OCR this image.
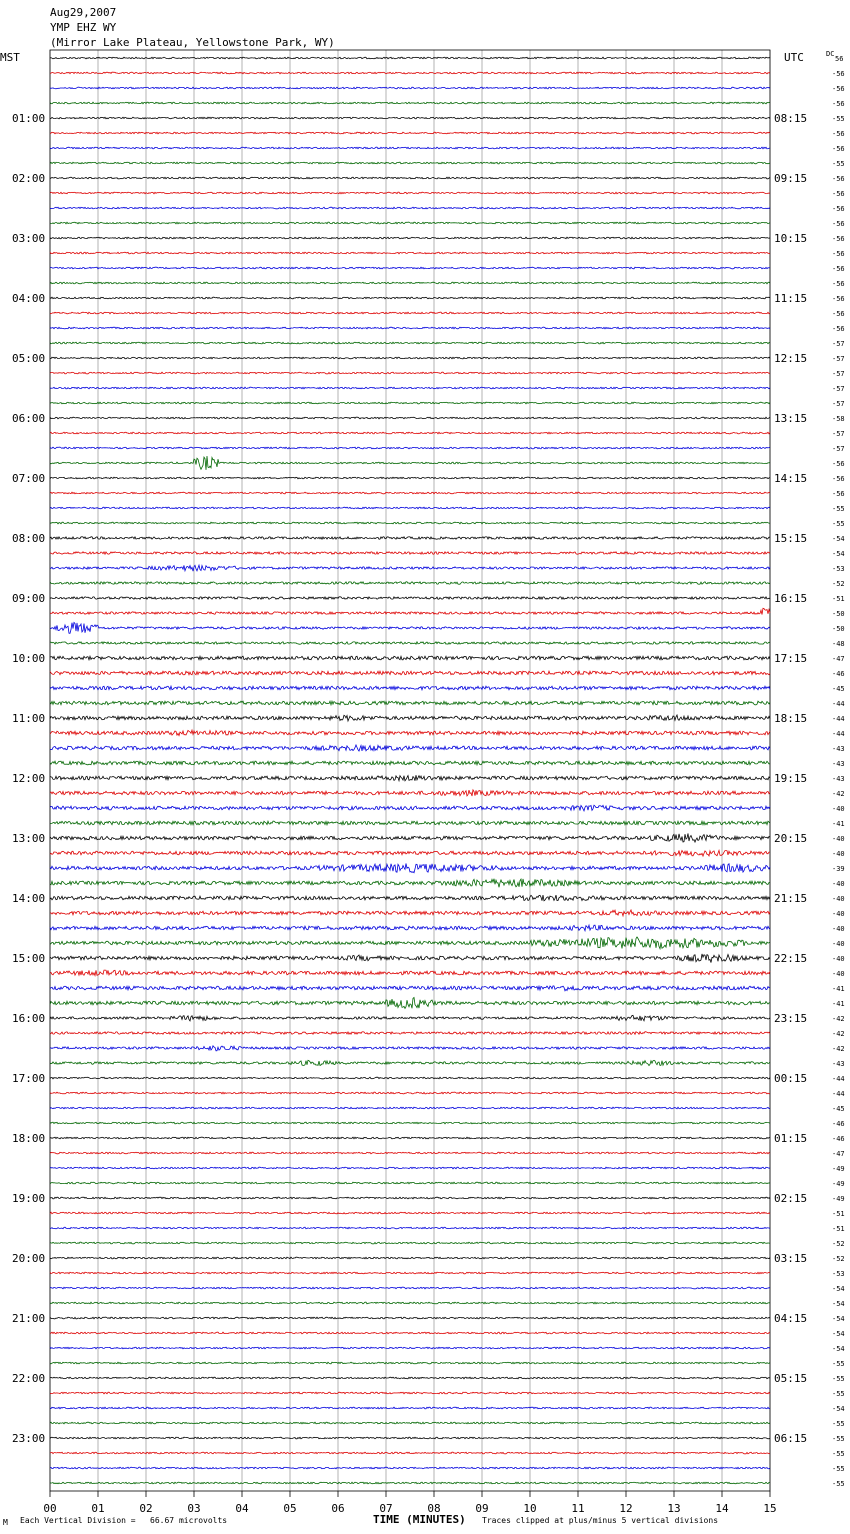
Aug29,2007
YMP EHZ WY
(Mirror Lake Plateau, Yellowstone Park, WY)
MST	UTC	DC
01:00
02:00
03:00
04:00
05:00
06:00
07:00
08:00
09:00
10:00
11:00
12:00
13:00
14:00
15:00
16:00
17:00
18:00
19:00
20:00
21:00
22:00
23:00
08:15
09:15
10:15
11:15
12:15
13:15
14:15
15:15
16:15
17:15
18:15
19:15
20:15
21:15
22:15
23:15
00:15
01:15
02:15
03:15
04:15
05:15
06:15
56
-56
-56
-56
-55
-56
-56
-55
-56
-56
-56
-56
-56
-56
-56
-56
-56
-56
-56
-57
-57
-57
-57
-57
-58
-57
-57
-56
-56
-56
-55
-55
-54
-54
-53
-52
-51
-50
-50
-48
-47
-46
-45
-44
-44
-44
-43
-43
-43
-42
-40
-41
-40
-40
-39
-40
-40
-40
-40
-40
-40
-40
-41
-41
-42
-42
-42
-43
-44
-44
-45
-46
-46
-47
-49
-49
-49
-51
-51
-52
-52
-53
-54
-54
-54
-54
-54
-55
-55
-55
-54
-55
-55
-55
-55
-55
00	01	02	03	04	05	06	07	08	09	10	11	12	13	14	15
TIME (MINUTES)
M Each Vertical Division =   66.67 microvolts	Traces clipped at plus/minus 5 vertical divisions
